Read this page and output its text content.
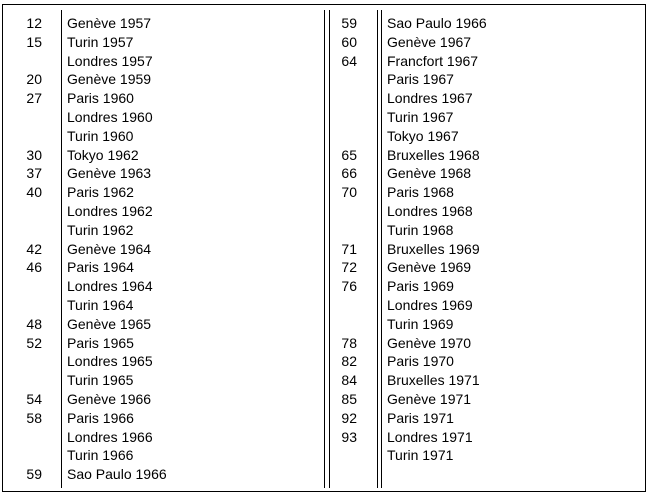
12 Genève 1957
15 Turin 1957
Londres 1957
20 Genève 1959
27 Paris 1960
Londres 1960
Turin 1960
30 Tokyo 1962
37 Genève 1963
40 Paris 1962
Londres 1962
Turin 1962
42 Genève 1964
46 Paris 1964
Londres 1964
Turin 1964
48 Genève 1965
52 Paris 1965
Londres 1965
Turin 1965
54 Genève 1966
58 Paris 1966
Londres 1966
Turin 1966
59 Sao Paulo 1966
59 Sao Paulo 1966
60 Genève 1967
64 Francfort 1967
Paris 1967
Londres 1967
Turin 1967
Tokyo 1967
65 Bruxelles 1968
66 Genève 1968
70 Paris 1968
Londres 1968
Turin 1968
71 Bruxelles 1969
72 Genève 1969
76 Paris 1969
Londres 1969
Turin 1969
78 Genève 1970
82 Paris 1970
84 Bruxelles 1971
85 Genève 1971
92 Paris 1971
93 Londres 1971
Turin 1971
